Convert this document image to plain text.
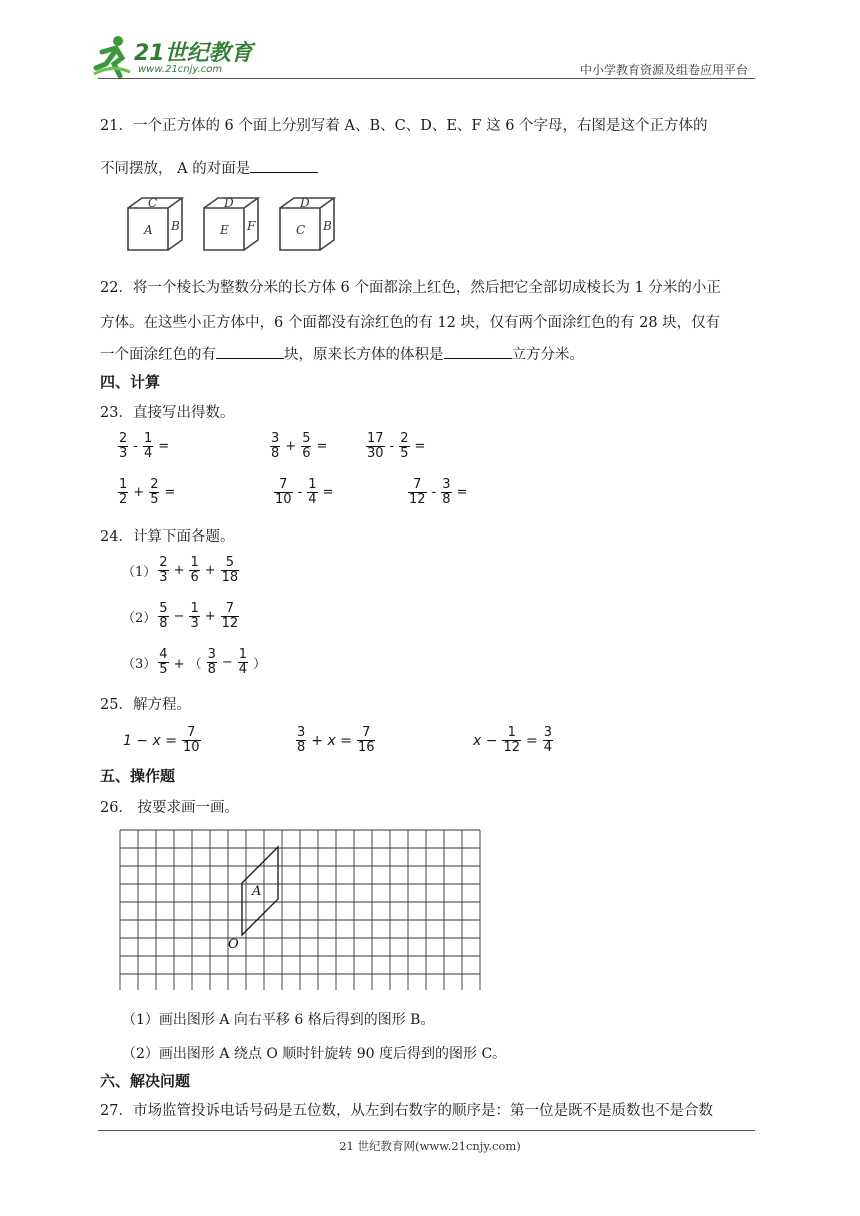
21世纪教育
www.21cnjy.com	中小学教育资源及组卷应用平台
21．一个正方体的 6 个面上分别写着 A、B、C、D、E、F 这 6 个字母，右图是这个正方体的
不同摆放， A 的对面是
C
A B
D
E F
D
C B
22．将一个棱长为整数分米的长方体 6 个面都涂上红色，然后把它全部切成棱长为 1 分米的小正
方体。在这些小正方体中，6 个面都没有涂红色的有 12 块，仅有两个面涂红色的有 28 块，仅有
一个面涂红色的有	块，原来长方体的体积是	立方分米。
四、计算
23．直接写出得数。
$\frac{2}{3} - \frac{1}{4}$ =	$\frac{3}{8} + \frac{5}{6}$ =	$\frac{17}{30} - \frac{2}{5}$ =
$\frac{1}{2} + \frac{2}{5}$ =	$\frac{7}{10} - \frac{1}{4}$ =	$\frac{7}{12} - \frac{3}{8}$ =
24．计算下面各题。
$(1) \frac{2}{3} + \frac{1}{6} + \frac{5}{18}$
$(2) \frac{5}{8} - \frac{1}{3} + \frac{7}{12}$
$(3) \frac{4}{5}$ + （ $\frac{3}{8} - \frac{1}{4}$ ）
25．解方程。
$1 - x = \frac{7}{10}$	$\frac{3}{8} + x = \frac{7}{16}$	$x - \frac{1}{12} = \frac{3}{4}$
五、操作题
26． 按要求画一画。
A
O
（1）画出图形 A 向右平移 6 格后得到的图形 B。
（2）画出图形 A 绕点 O 顺时针旋转 90 度后得到的图形 C。
六、解决问题
27．市场监管投诉电话号码是五位数，从左到右数字的顺序是：第一位是既不是质数也不是合数
21 世纪教育网(www.21cnjy.com)
